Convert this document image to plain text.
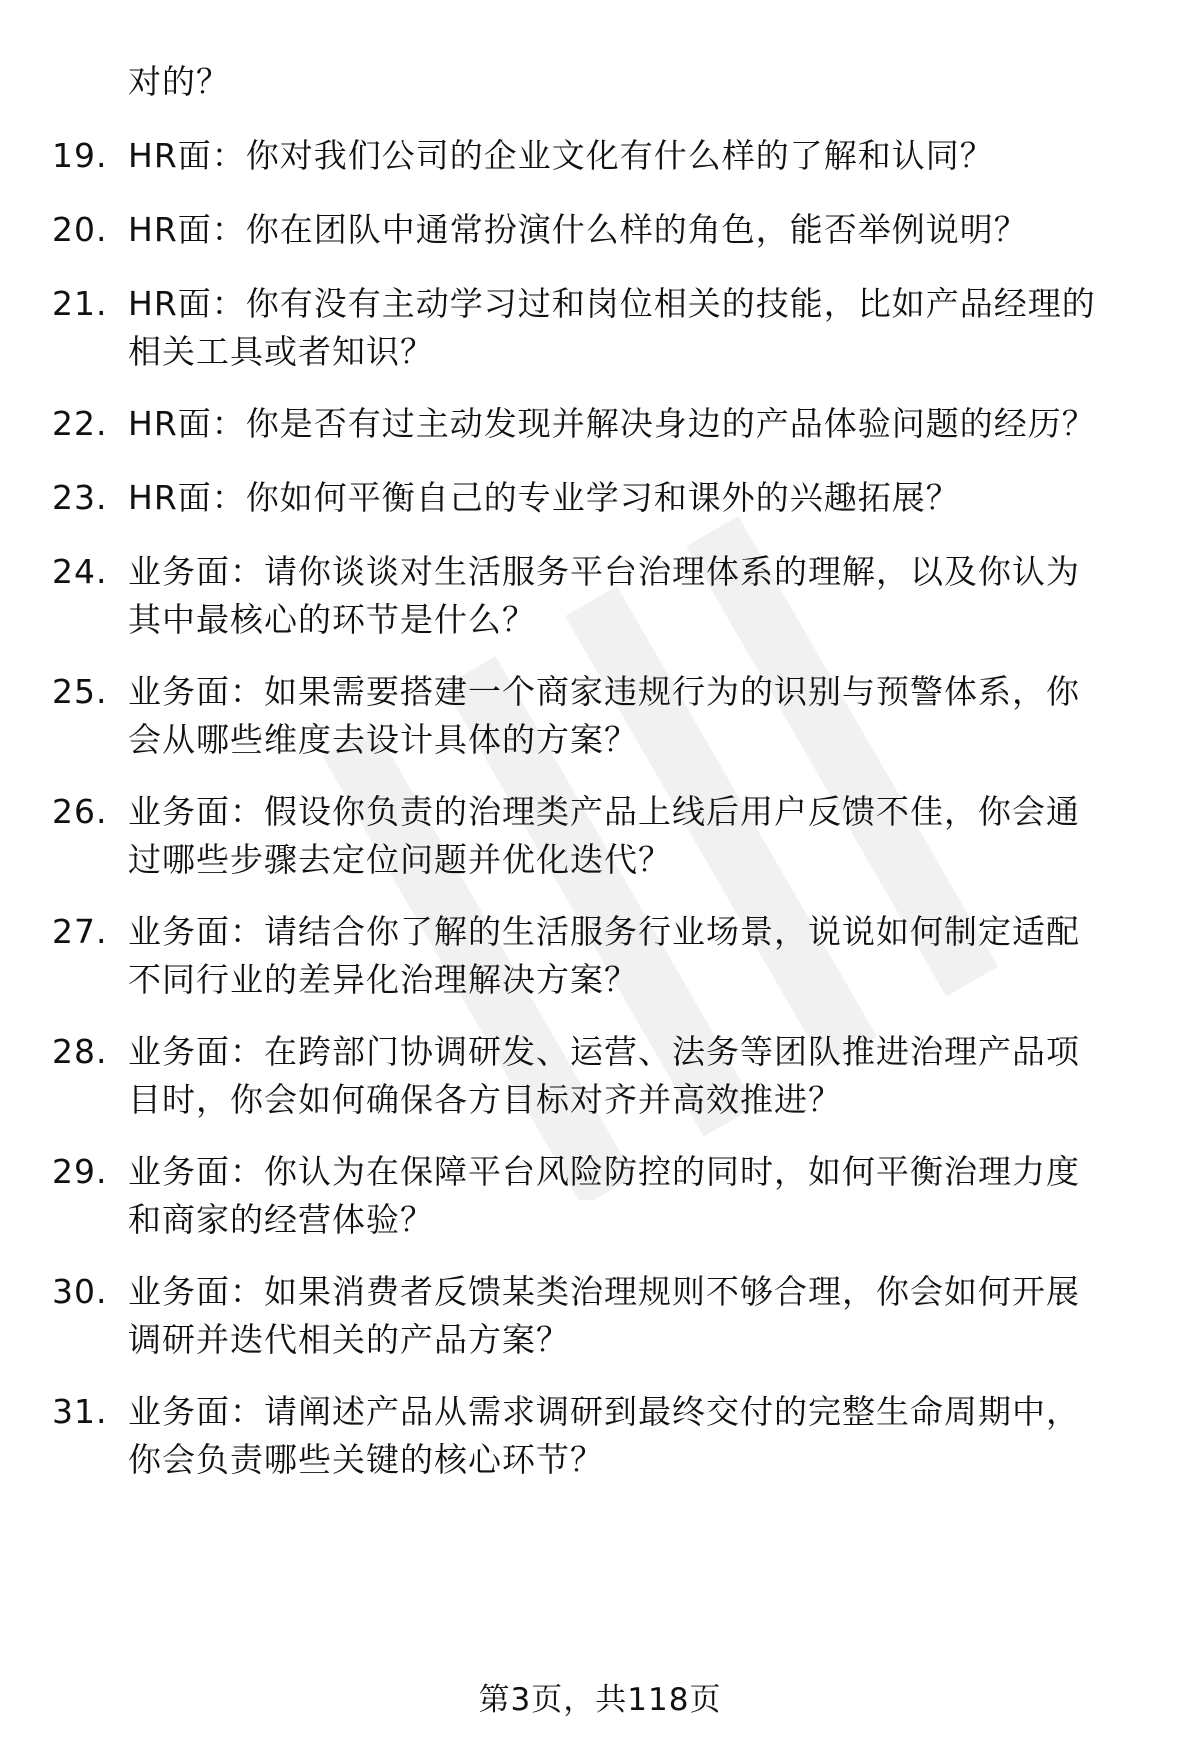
对的？
19. HR面：你对我们公司的企业文化有什么样的了解和认同？
20. HR面：你在团队中通常扮演什么样的角色，能否举例说明？
21. HR面：你有没有主动学习过和岗位相关的技能，比如产品经理的
相关工具或者知识？
22. HR面：你是否有过主动发现并解决身边的产品体验问题的经历？
23. HR面：你如何平衡自己的专业学习和课外的兴趣拓展？
24. 业务面：请你谈谈对生活服务平台治理体系的理解，以及你认为
其中最核心的环节是什么？
25. 业务面：如果需要搭建一个商家违规行为的识别与预警体系，你
会从哪些维度去设计具体的方案？
26. 业务面：假设你负责的治理类产品上线后用户反馈不佳，你会通
过哪些步骤去定位问题并优化迭代？
27. 业务面：请结合你了解的生活服务行业场景，说说如何制定适配
不同行业的差异化治理解决方案？
28. 业务面：在跨部门协调研发、运营、法务等团队推进治理产品项
目时，你会如何确保各方目标对齐并高效推进？
29. 业务面：你认为在保障平台风险防控的同时，如何平衡治理力度
和商家的经营体验？
30. 业务面：如果消费者反馈某类治理规则不够合理，你会如何开展
调研并迭代相关的产品方案？
31. 业务面：请阐述产品从需求调研到最终交付的完整生命周期中，
你会负责哪些关键的核心环节？
第3页，共118页
